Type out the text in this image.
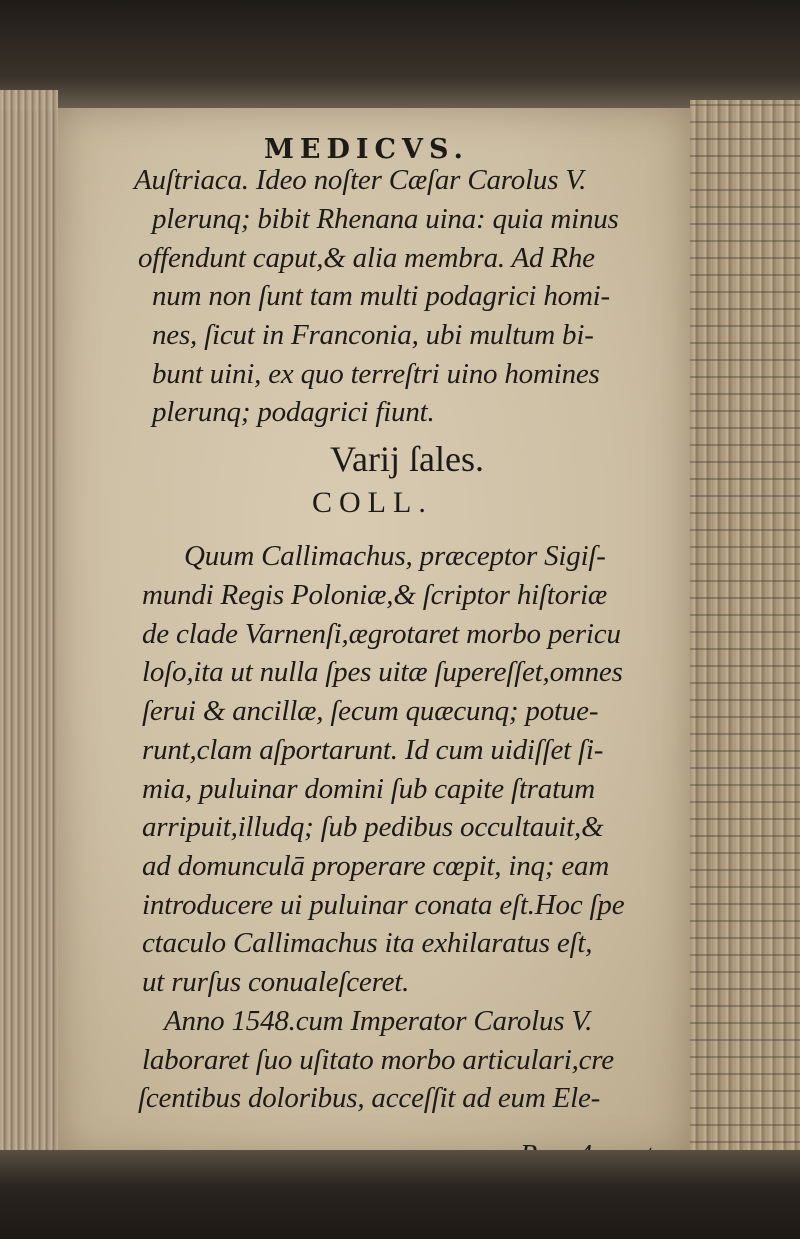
MEDICVS.
Auſtriaca. Ideo noſter Cæſar Carolus V.
plerunq; bibit Rhenana uina: quia minus
offendunt caput,& alia membra. Ad Rhe
num non ſunt tam multi podagrici homi-
nes, ſicut in Franconia, ubi multum bi-
bunt uini, ex quo terreſtri uino homines
plerunq; podagrici fiunt.
Varij ſales.
COLL.
Quum Callimachus, præceptor Sigiſ-
mundi Regis Poloniæ,& ſcriptor hiſtoriæ
de clade Varnenſi,ægrotaret morbo pericu
loſo,ita ut nulla ſpes uitæ ſupereſſet,omnes
ſerui & ancillæ, ſecum quæcunq; potue-
runt,clam aſportarunt. Id cum uidiſſet ſi-
mia, puluinar domini ſub capite ſtratum
arripuit,illudq; ſub pedibus occultauit,&
ad domunculā properare cœpit, inq; eam
introducere ui puluinar conata eſt.Hoc ſpe
ctaculo Callimachus ita exhilaratus eſt,
ut rurſus conualeſceret.
Anno 1548.cum Imperator Carolus V.
laboraret ſuo uſitato morbo articulari,cre
ſcentibus doloribus, acceſſit ad eum Ele-
